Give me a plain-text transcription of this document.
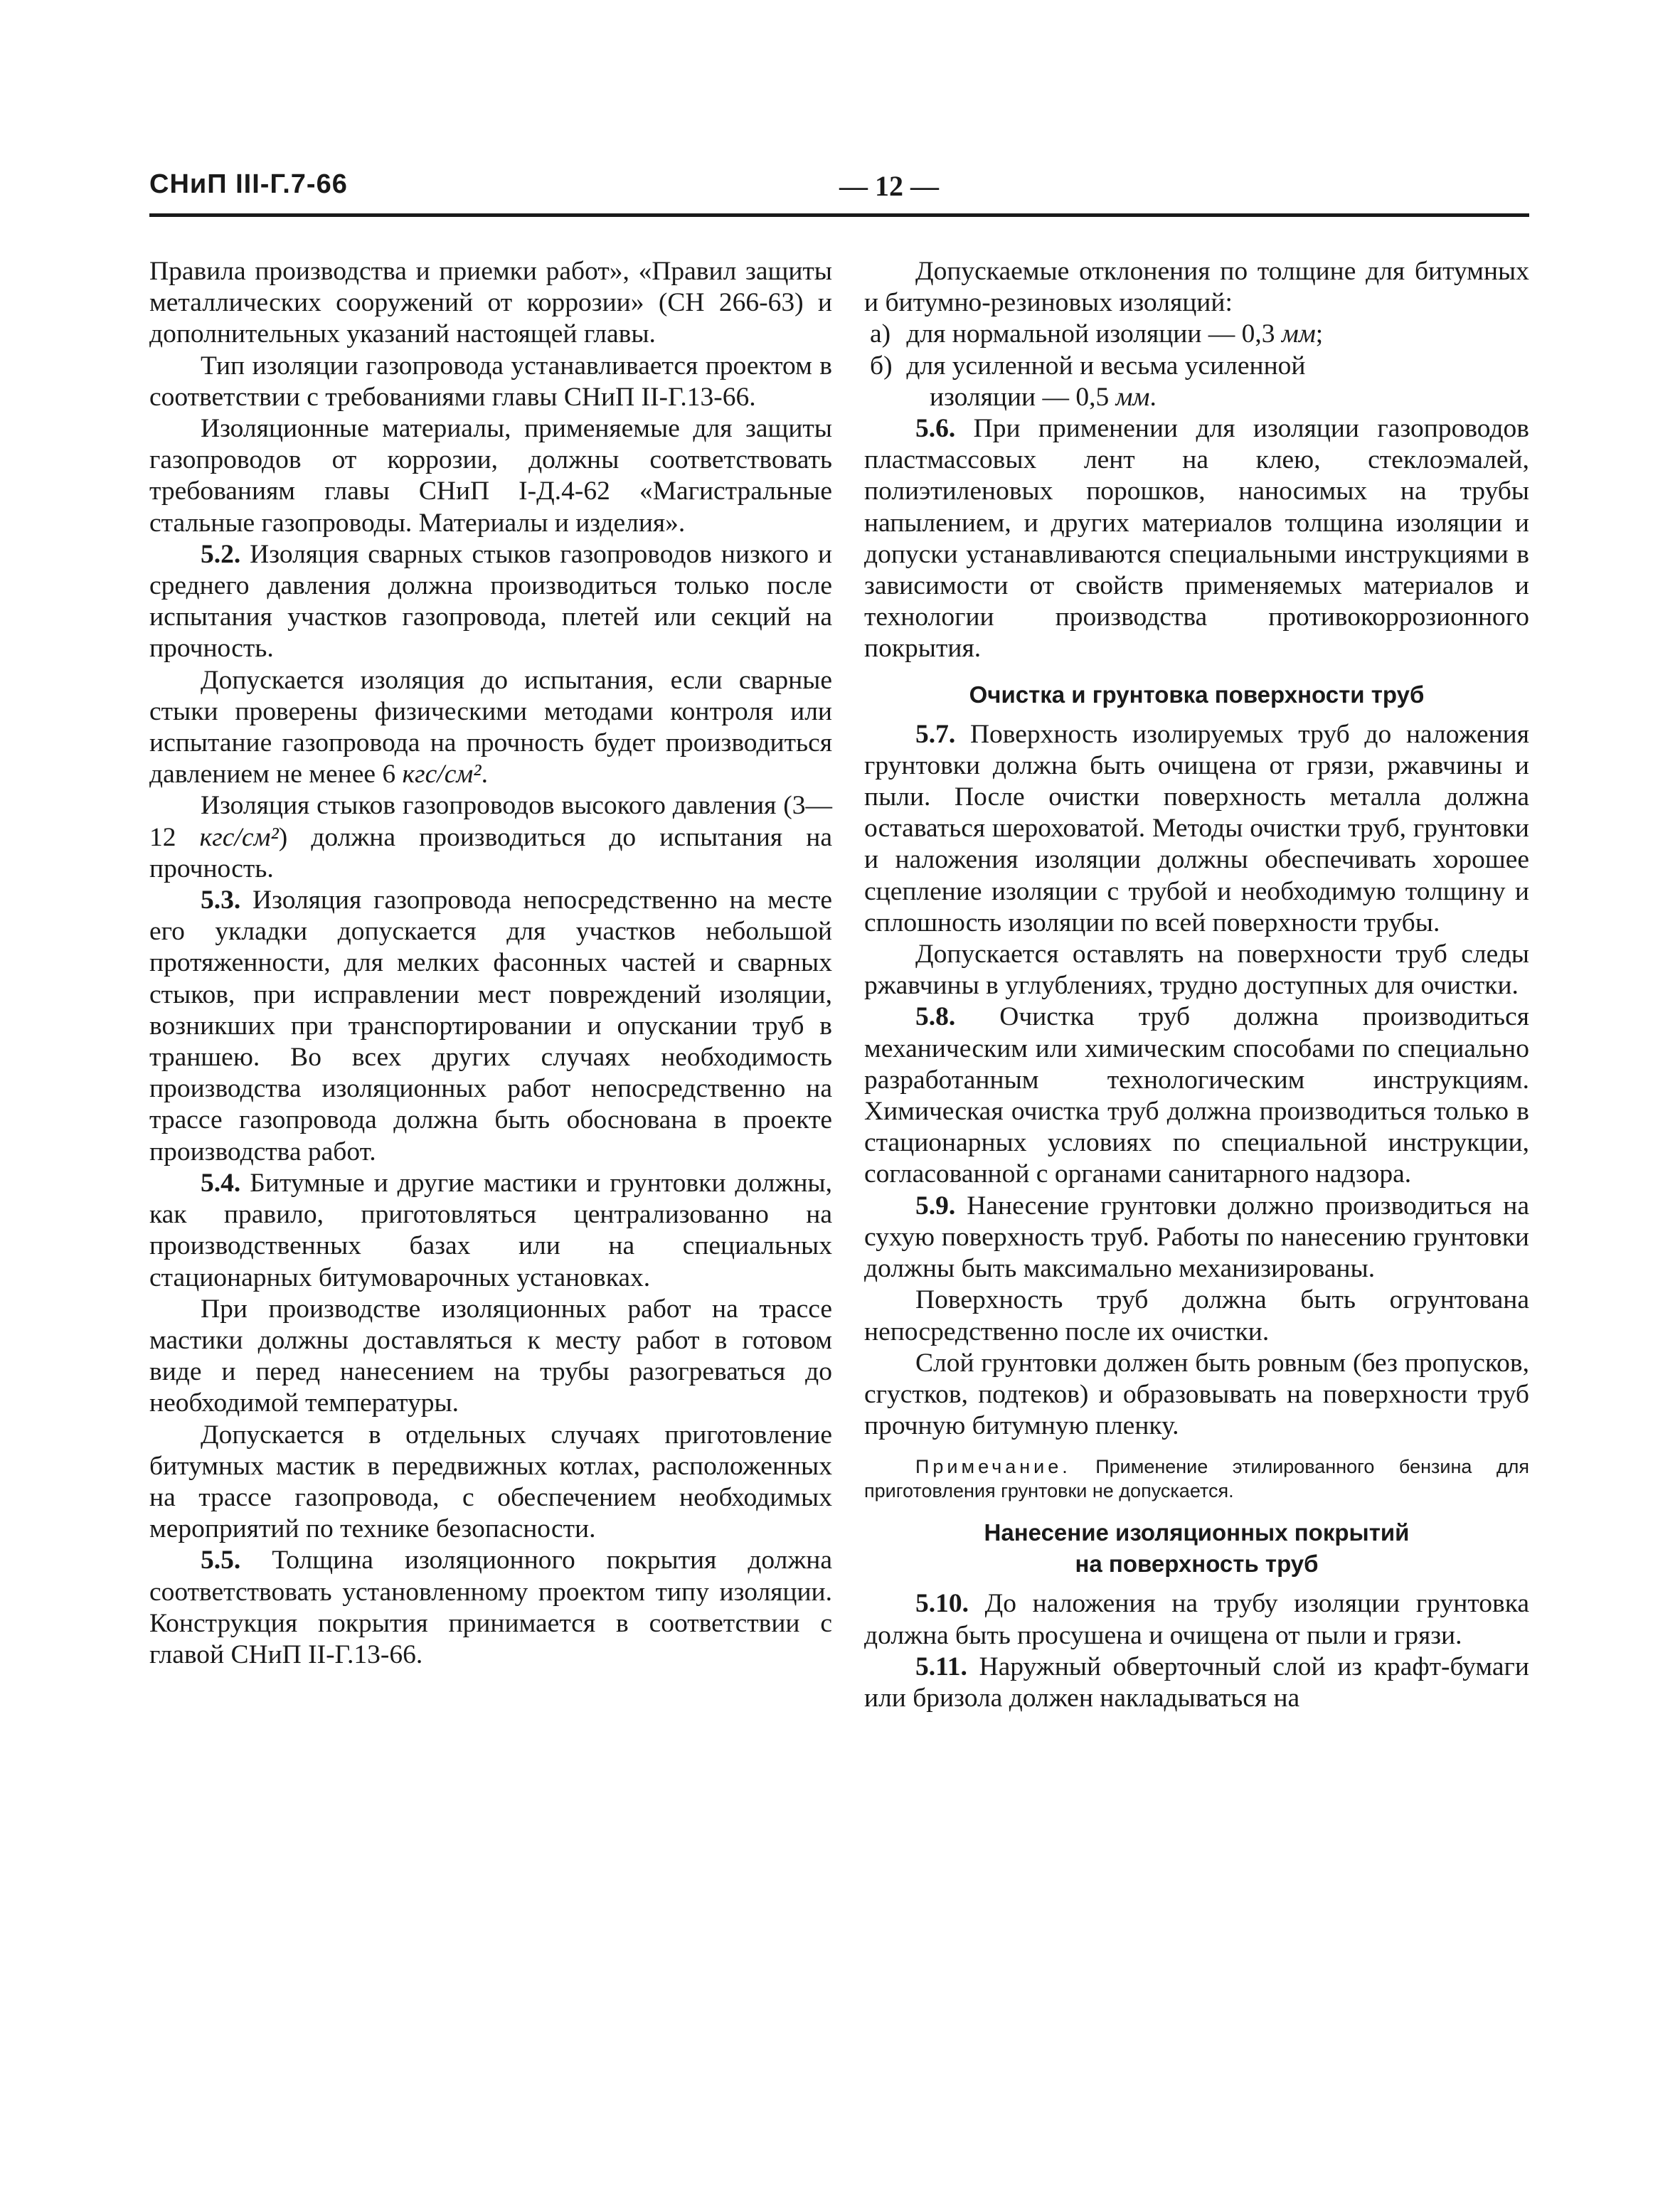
СНиП III-Г.7-66	— 12 —

Правила производства и приемки работ», «Правил защиты металлических сооружений от коррозии» (СН 266-63) и дополнительных указаний настоящей главы.

Тип изоляции газопровода устанавливается проектом в соответствии с требованиями главы СНиП II-Г.13-66.

Изоляционные материалы, применяемые для защиты газопроводов от коррозии, должны соответствовать требованиям главы СНиП I-Д.4-62 «Магистральные стальные газопроводы. Материалы и изделия».

5.2. Изоляция сварных стыков газопроводов низкого и среднего давления должна производиться только после испытания участков газопровода, плетей или секций на прочность.

Допускается изоляция до испытания, если сварные стыки проверены физическими методами контроля или испытание газопровода на прочность будет производиться давлением не менее 6 кгс/см².

Изоляция стыков газопроводов высокого давления (3—12 кгс/см²) должна производиться до испытания на прочность.

5.3. Изоляция газопровода непосредственно на месте его укладки допускается для участков небольшой протяженности, для мелких фасонных частей и сварных стыков, при исправлении мест повреждений изоляции, возникших при транспортировании и опускании труб в траншею. Во всех других случаях необходимость производства изоляционных работ непосредственно на трассе газопровода должна быть обоснована в проекте производства работ.

5.4. Битумные и другие мастики и грунтовки должны, как правило, приготовляться централизованно на производственных базах или на специальных стационарных битумоварочных установках.

При производстве изоляционных работ на трассе мастики должны доставляться к месту работ в готовом виде и перед нанесением на трубы разогреваться до необходимой температуры.

Допускается в отдельных случаях приготовление битумных мастик в передвижных котлах, расположенных на трассе газопровода, с обеспечением необходимых мероприятий по технике безопасности.

5.5. Толщина изоляционного покрытия должна соответствовать установленному проектом типу изоляции. Конструкция покрытия принимается в соответствии с главой СНиП II-Г.13-66.

Допускаемые отклонения по толщине для битумных и битумно-резиновых изоляций:

а) для нормальной изоляции — 0,3 мм;

б) для усиленной и весьма усиленной

изоляции — 0,5 мм.

5.6. При применении для изоляции газопроводов пластмассовых лент на клею, стеклоэмалей, полиэтиленовых порошков, наносимых на трубы напылением, и других материалов толщина изоляции и допуски устанавливаются специальными инструкциями в зависимости от свойств применяемых материалов и технологии производства противокоррозионного покрытия.

Очистка и грунтовка поверхности труб

5.7. Поверхность изолируемых труб до наложения грунтовки должна быть очищена от грязи, ржавчины и пыли. После очистки поверхность металла должна оставаться шероховатой. Методы очистки труб, грунтовки и наложения изоляции должны обеспечивать хорошее сцепление изоляции с трубой и необходимую толщину и сплошность изоляции по всей поверхности трубы.

Допускается оставлять на поверхности труб следы ржавчины в углублениях, трудно доступных для очистки.

5.8. Очистка труб должна производиться механическим или химическим способами по специально разработанным технологическим инструкциям. Химическая очистка труб должна производиться только в стационарных условиях по специальной инструкции, согласованной с органами санитарного надзора.

5.9. Нанесение грунтовки должно производиться на сухую поверхность труб. Работы по нанесению грунтовки должны быть максимально механизированы.

Поверхность труб должна быть огрунтована непосредственно после их очистки.

Слой грунтовки должен быть ровным (без пропусков, сгустков, подтеков) и образовывать на поверхности труб прочную битумную пленку.

Примечание. Применение этилированного бензина для приготовления грунтовки не допускается.
Нанесение изоляционных покрытий
на поверхность труб

5.10. До наложения на трубу изоляции грунтовка должна быть просушена и очищена от пыли и грязи.

5.11. Наружный обверточный слой из крафт-бумаги или бризола должен накладываться на
